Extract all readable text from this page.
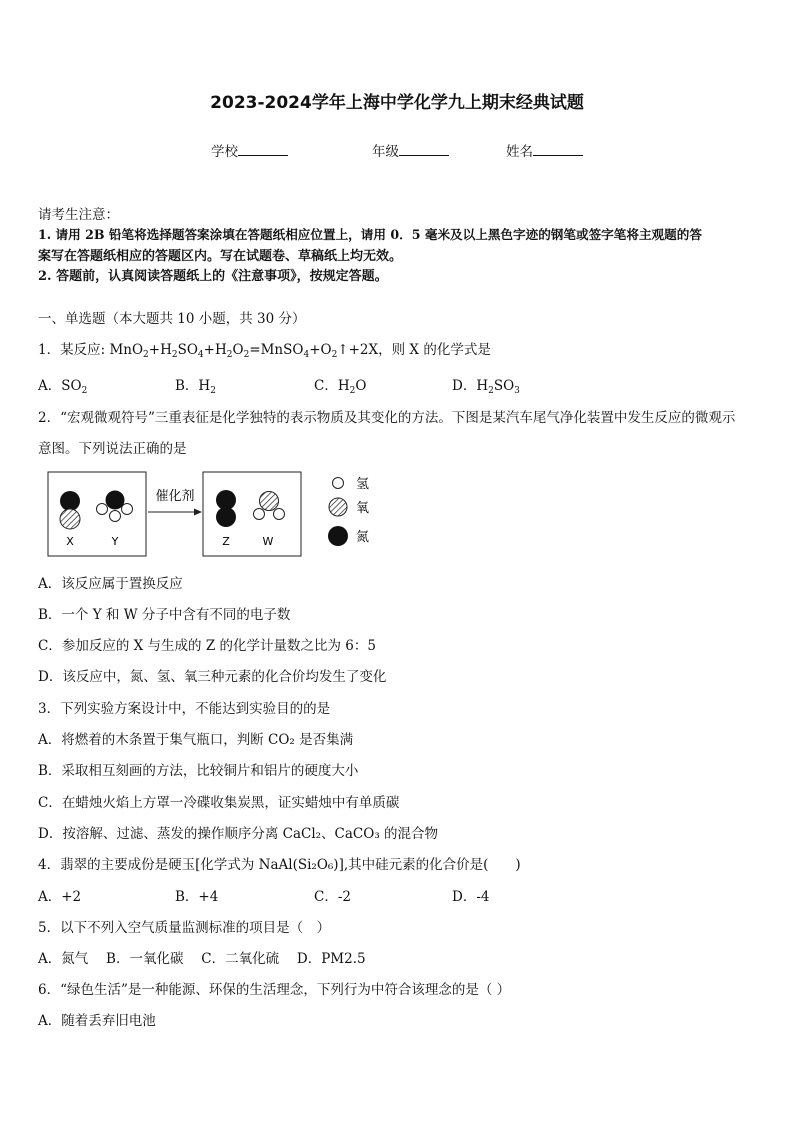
2023-2024学年上海中学化学九上期末经典试题
学校	年级	姓名
请考生注意：
1. 请用 2B 铅笔将选择题答案涂填在答题纸相应位置上，请用 0．5 毫米及以上黑色字迹的钢笔或签字笔将主观题的答
案写在答题纸相应的答题区内。写在试题卷、草稿纸上均无效。
2. 答题前，认真阅读答题纸上的《注意事项》，按规定答题。
一、单选题（本大题共 10 小题，共 30 分）
1．某反应: $MnO_2+H_2SO_4+H_2O_2=MnSO_4+O_2↑+2X$，则 X 的化学式是
A．$SO_2$	B．$H_2$	C．$H_2O$	D．$H_2SO_3$
2．“宏观微观符号”三重表征是化学独特的表示物质及其变化的方法。下图是某汽车尾气净化装置中发生反应的微观示
意图。下列说法正确的是
X	Y
催化剂
Z	W
氢
氧
氮
A．该反应属于置换反应
B．一个 Y 和 W 分子中含有不同的电子数
C．参加反应的 X 与生成的 Z 的化学计量数之比为 6：5
D．该反应中，氮、氢、氧三种元素的化合价均发生了变化
3．下列实验方案设计中，不能达到实验目的的是
A．将燃着的木条置于集气瓶口，判断 CO₂ 是否集满
B．采取相互刻画的方法，比较铜片和铝片的硬度大小
C．在蜡烛火焰上方罩一冷碟收集炭黑，证实蜡烛中有单质碳
D．按溶解、过滤、蒸发的操作顺序分离 CaCl₂、CaCO₃ 的混合物
4．翡翠的主要成份是硬玉[化学式为 NaAl(Si₂O₆)],其中硅元素的化合价是(　　)
A．+2	B．+4	C．-2	D．-4
5．以下不列入空气质量监测标准的项目是（　）
A．氮气　 B．一氧化碳　 C．二氧化硫　 D．PM2.5
6．“绿色生活”是一种能源、环保的生活理念，下列行为中符合该理念的是（ ）
A．随着丢弃旧电池
